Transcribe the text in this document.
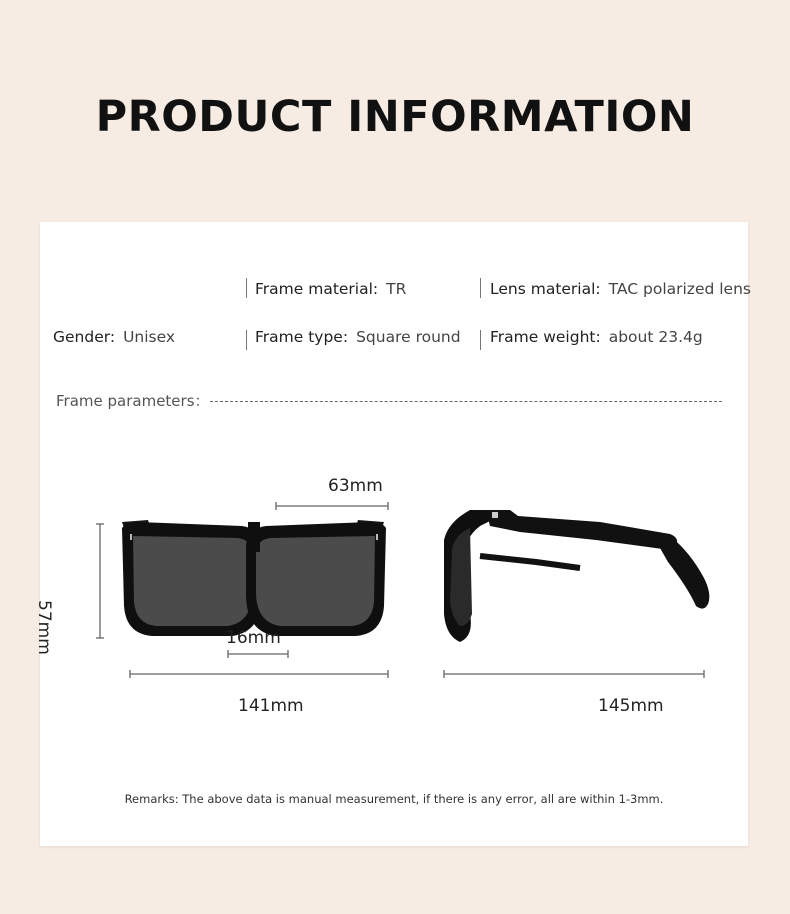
PRODUCT INFORMATION
Frame material: TR	Lens material: TAC polarized lens
Gender: Unisex	Frame type: Square round Frame weight: about 23.4g
Frame parameters：
63mm
57mm	16mm
141mm	145mm
Remarks: The above data is manual measurement, if there is any error, all are within 1-3mm.
